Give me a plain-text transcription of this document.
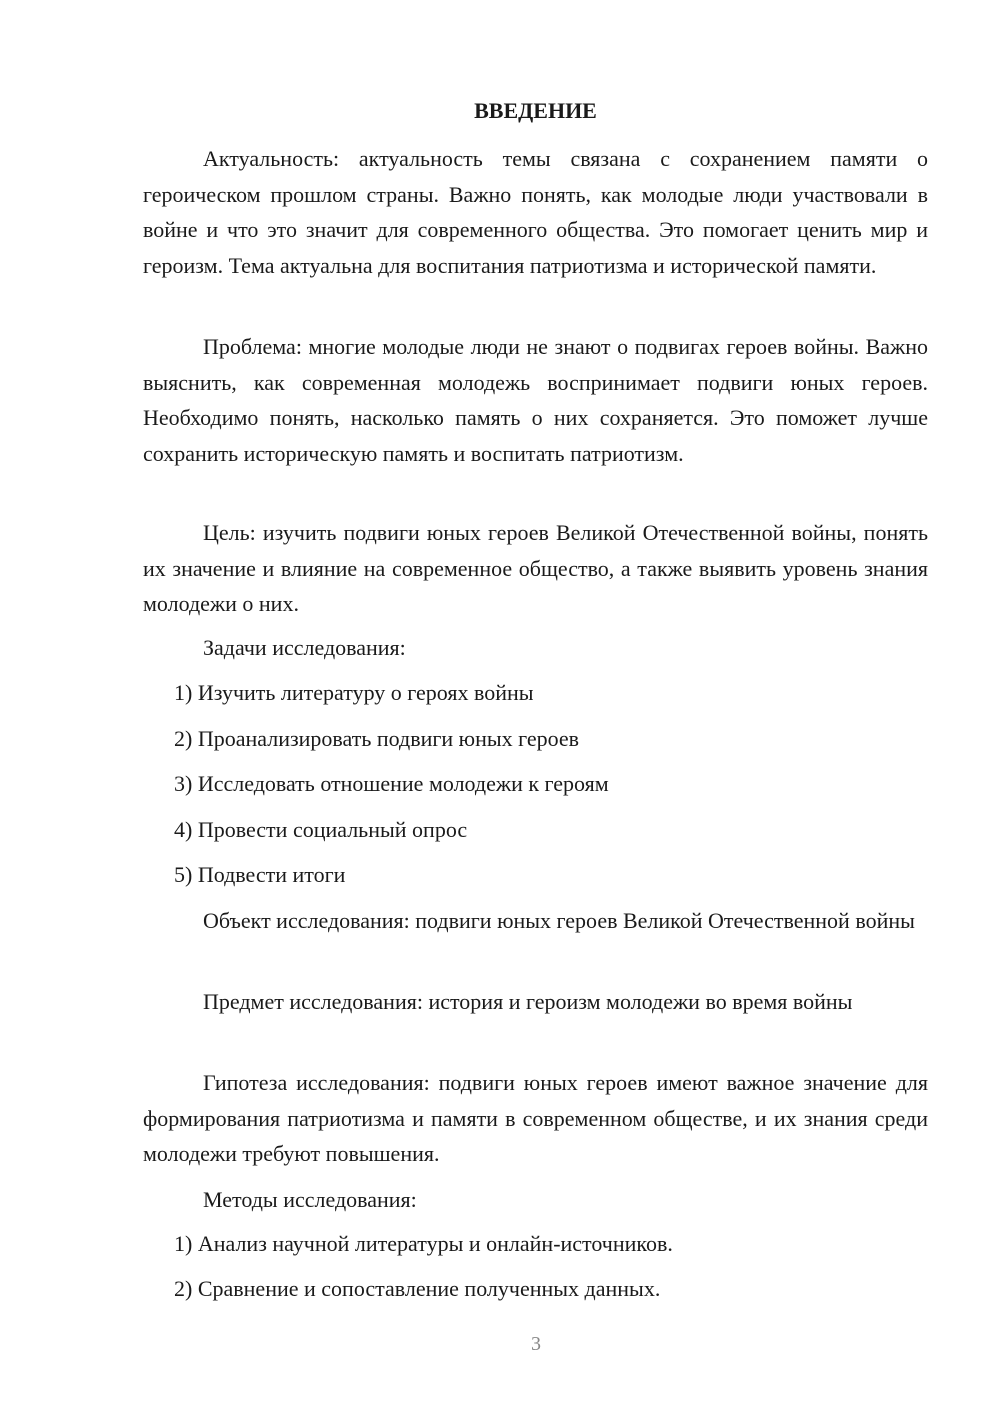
ВВЕДЕНИЕ

Актуальность: актуальность темы связана с сохранением памяти о героическом прошлом страны. Важно понять, как молодые люди участвовали в войне и что это значит для современного общества. Это помогает ценить мир и героизм. Тема актуальна для воспитания патриотизма и исторической памяти.

Проблема: многие молодые люди не знают о подвигах героев войны. Важно выяснить, как современная молодежь воспринимает подвиги юных героев. Необходимо понять, насколько память о них сохраняется. Это поможет лучше сохранить историческую память и воспитать патриотизм.

Цель: изучить подвиги юных героев Великой Отечественной войны, понять их значение и влияние на современное общество, а также выявить уровень знания молодежи о них.

Задачи исследования:

1) Изучить литературу о героях войны
2) Проанализировать подвиги юных героев
3) Исследовать отношение молодежи к героям
4) Провести социальный опрос
5) Подвести итоги

Объект исследования: подвиги юных героев Великой Отечественной войны

Предмет исследования: история и героизм молодежи во время войны

Гипотеза исследования: подвиги юных героев имеют важное значение для формирования патриотизма и памяти в современном обществе, и их знания среди молодежи требуют повышения.

Методы исследования:

1) Анализ научной литературы и онлайн-источников.
2) Сравнение и сопоставление полученных данных.
3
